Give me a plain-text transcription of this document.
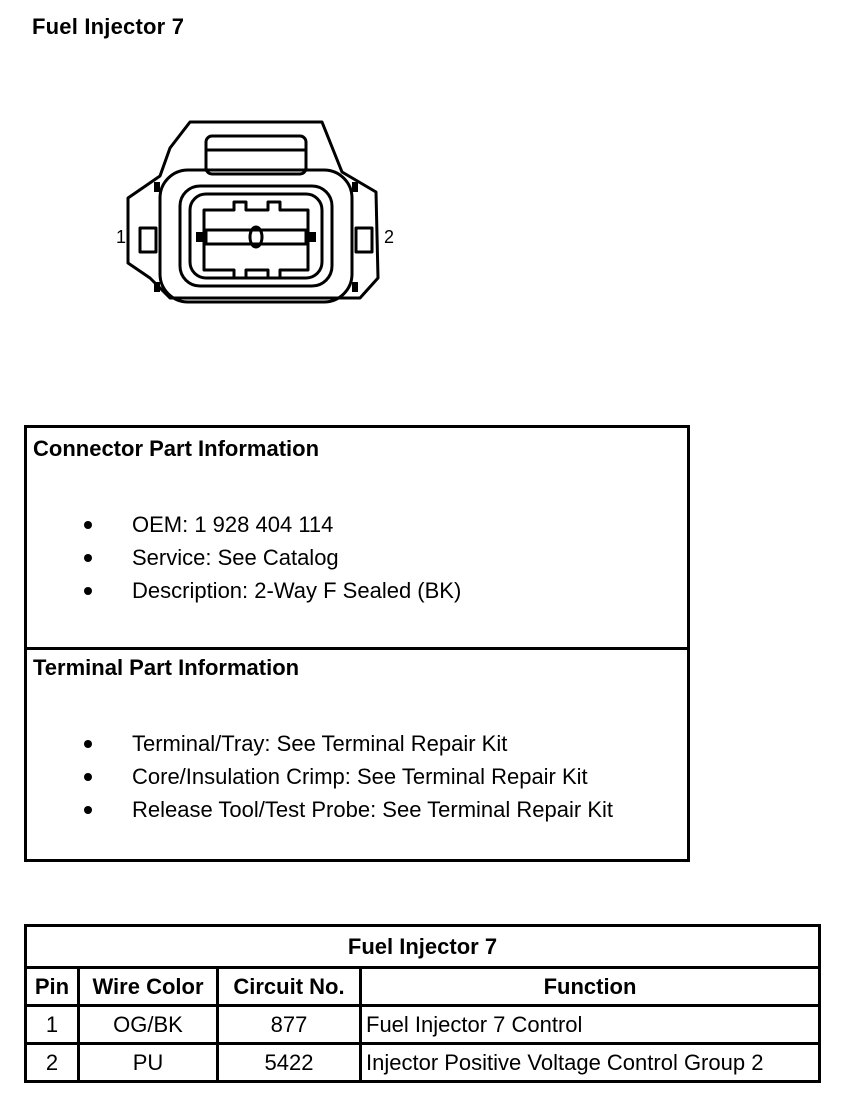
Fuel Injector 7
1	2
Connector Part Information
OEM: 1 928 404 114
Service: See Catalog
Description: 2-Way F Sealed (BK)
Terminal Part Information
Terminal/Tray: See Terminal Repair Kit
Core/Insulation Crimp: See Terminal Repair Kit
Release Tool/Test Probe: See Terminal Repair Kit
Fuel Injector 7			
Pin	Wire Color	Circuit No.	Function
1	OG/BK	877	Fuel Injector 7 Control
2	PU	5422	Injector Positive Voltage Control Group 2
